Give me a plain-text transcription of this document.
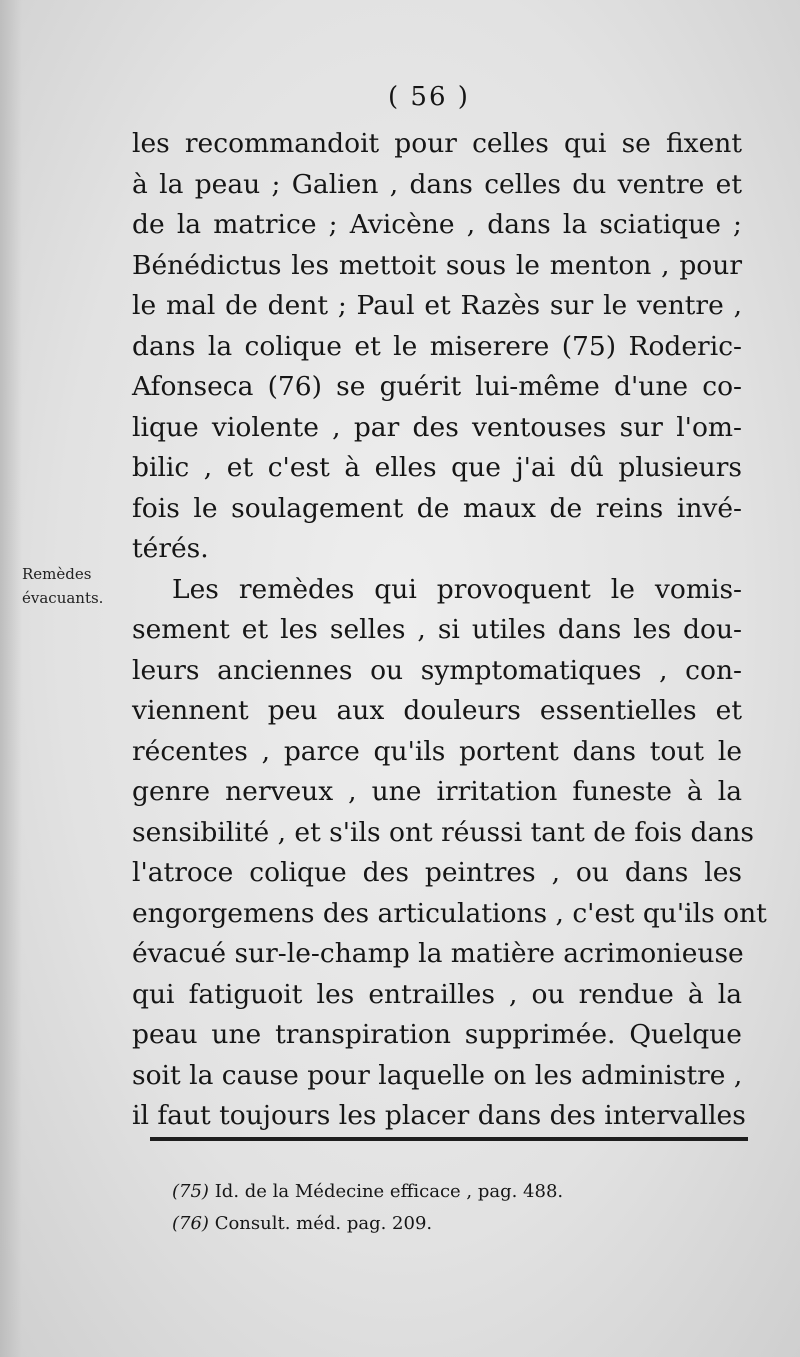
( 56 )
Remèdes
évacuants.
les recommandoit pour celles qui se fixent
à la peau ; Galien , dans celles du ventre et
de la matrice ; Avicène , dans la sciatique ;
Bénédictus les mettoit sous le menton , pour
le mal de dent ; Paul et Razès sur le ventre ,
dans la colique et le miserere (75) Roderic-
Afonseca (76) se guérit lui-même d'une co-
lique violente , par des ventouses sur l'om-
bilic , et c'est à elles que j'ai dû plusieurs
fois le soulagement de maux de reins invé-
térés.
Les remèdes qui provoquent le vomis-
sement et les selles , si utiles dans les dou-
leurs anciennes ou symptomatiques , con-
viennent peu aux douleurs essentielles et
récentes , parce qu'ils portent dans tout le
genre nerveux , une irritation funeste à la
sensibilité , et s'ils ont réussi tant de fois dans
l'atroce colique des peintres , ou dans les
engorgemens des articulations , c'est qu'ils ont
évacué sur-le-champ la matière acrimonieuse
qui fatiguoit les entrailles , ou rendue à la
peau une transpiration supprimée. Quelque
soit la cause pour laquelle on les administre ,
il faut toujours les placer dans des intervalles
(75) Id. de la Médecine efficace , pag. 488.
(76) Consult. méd. pag. 209.
